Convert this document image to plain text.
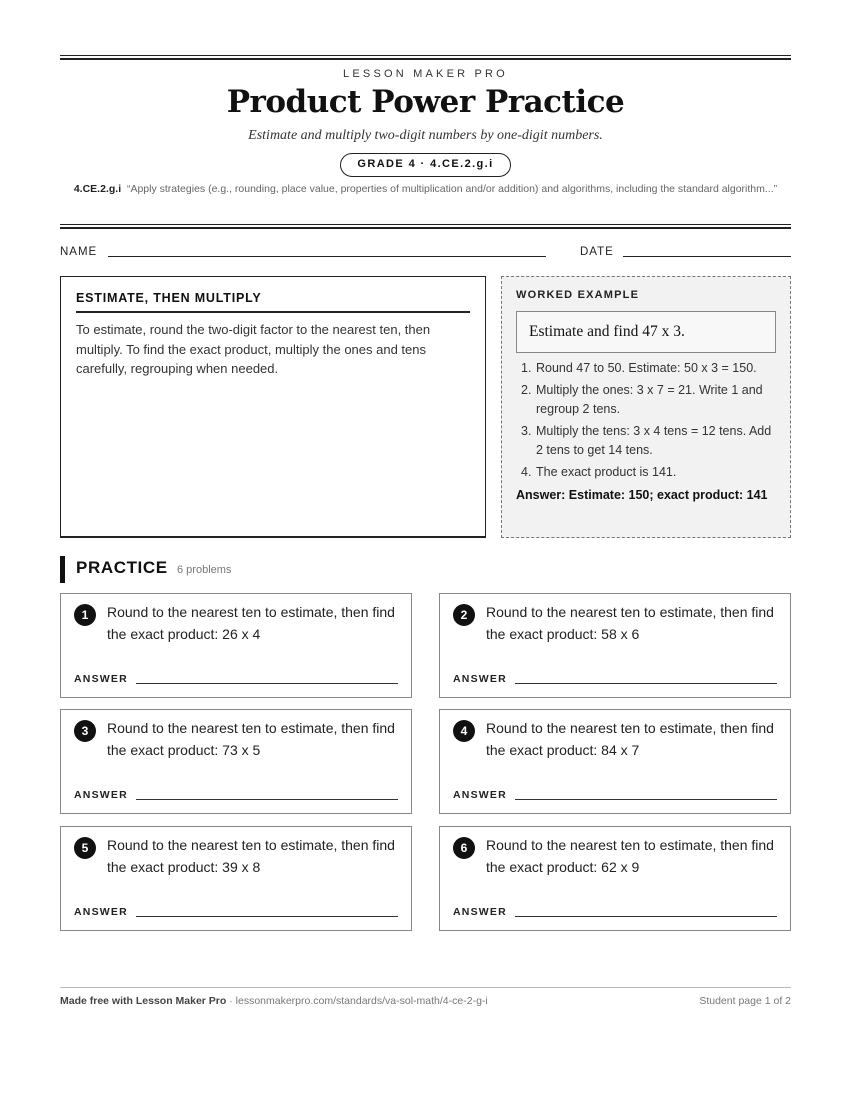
LESSON MAKER PRO
Product Power Practice
Estimate and multiply two-digit numbers by one-digit numbers.
GRADE 4 · 4.CE.2.g.i
4.CE.2.g.i “Apply strategies (e.g., rounding, place value, properties of multiplication and/or addition) and algorithms, including the standard algorithm...”
NAME	DATE
ESTIMATE, THEN MULTIPLY
To estimate, round the two-digit factor to the nearest ten, then multiply. To find the exact product, multiply the ones and tens carefully, regrouping when needed.
WORKED EXAMPLE
Estimate and find 47 x 3.
1. Round 47 to 50. Estimate: 50 x 3 = 150.
2. Multiply the ones: 3 x 7 = 21. Write 1 and regroup 2 tens.
3. Multiply the tens: 3 x 4 tens = 12 tens. Add 2 tens to get 14 tens.
4. The exact product is 141.
Answer: Estimate: 150; exact product: 141
PRACTICE 6 problems
1	Round to the nearest ten to estimate, then find the exact product: 26 x 4
ANSWER
2	Round to the nearest ten to estimate, then find the exact product: 58 x 6
ANSWER
3	Round to the nearest ten to estimate, then find the exact product: 73 x 5
ANSWER
4	Round to the nearest ten to estimate, then find the exact product: 84 x 7
ANSWER
5	Round to the nearest ten to estimate, then find the exact product: 39 x 8
ANSWER
6	Round to the nearest ten to estimate, then find the exact product: 62 x 9
ANSWER
Made free with Lesson Maker Pro · lessonmakerpro.com/standards/va-sol-math/4-ce-2-g-i	Student page 1 of 2
